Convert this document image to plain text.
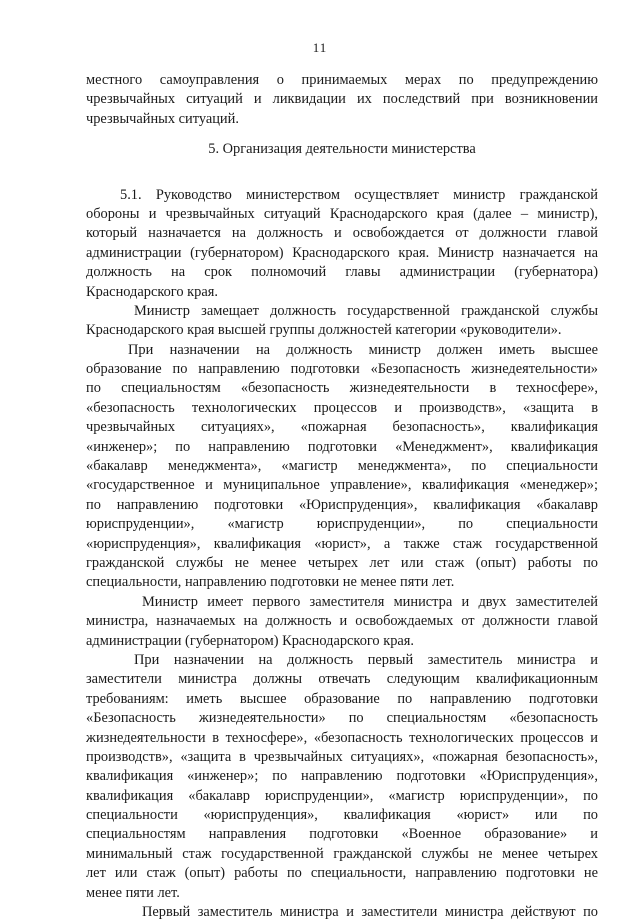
11
местного самоуправления о принимаемых мерах по предупреждению
чрезвычайных ситуаций и ликвидации их последствий при возникновении
чрезвычайных ситуаций.
5. Организация деятельности министерства
5.1. Руководство министерством осуществляет министр гражданской
обороны и чрезвычайных ситуаций Краснодарского края (далее – министр),
который назначается на должность и освобождается от должности главой
администрации (губернатором) Краснодарского края. Министр назначается на
должность на срок полномочий главы администрации (губернатора)
Краснодарского края.
Министр замещает должность государственной гражданской службы
Краснодарского края высшей группы должностей категории «руководители».
При назначении на должность министр должен иметь высшее
образование по направлению подготовки «Безопасность жизнедеятельности»
по специальностям «безопасность жизнедеятельности в техносфере»,
«безопасность технологических процессов и производств», «защита в
чрезвычайных ситуациях», «пожарная безопасность», квалификация
«инженер»; по направлению подготовки «Менеджмент», квалификация
«бакалавр менеджмента», «магистр менеджмента», по специальности
«государственное и муниципальное управление», квалификация «менеджер»;
по направлению подготовки «Юриспруденция», квалификация «бакалавр
юриспруденции», «магистр юриспруденции», по специальности
«юриспруденция», квалификация «юрист», а также стаж государственной
гражданской службы не менее четырех лет или стаж (опыт) работы по
специальности, направлению подготовки не менее пяти лет.
Министр имеет первого заместителя министра и двух заместителей
министра, назначаемых на должность и освобождаемых от должности главой
администрации (губернатором) Краснодарского края.
При назначении на должность первый заместитель министра и
заместители министра должны отвечать следующим квалификационным
требованиям: иметь высшее образование по направлению подготовки
«Безопасность жизнедеятельности» по специальностям «безопасность
жизнедеятельности в техносфере», «безопасность технологических процессов и
производств», «защита в чрезвычайных ситуациях», «пожарная безопасность»,
квалификация «инженер»; по направлению подготовки «Юриспруденция»,
квалификация «бакалавр юриспруденции», «магистр юриспруденции», по
специальности «юриспруденция», квалификация «юрист» или по
специальностям направления подготовки «Военное образование» и
минимальный стаж государственной гражданской службы не менее четырех
лет или стаж (опыт) работы по специальности, направлению подготовки не
менее пяти лет.
Первый заместитель министра и заместители министра действуют по
